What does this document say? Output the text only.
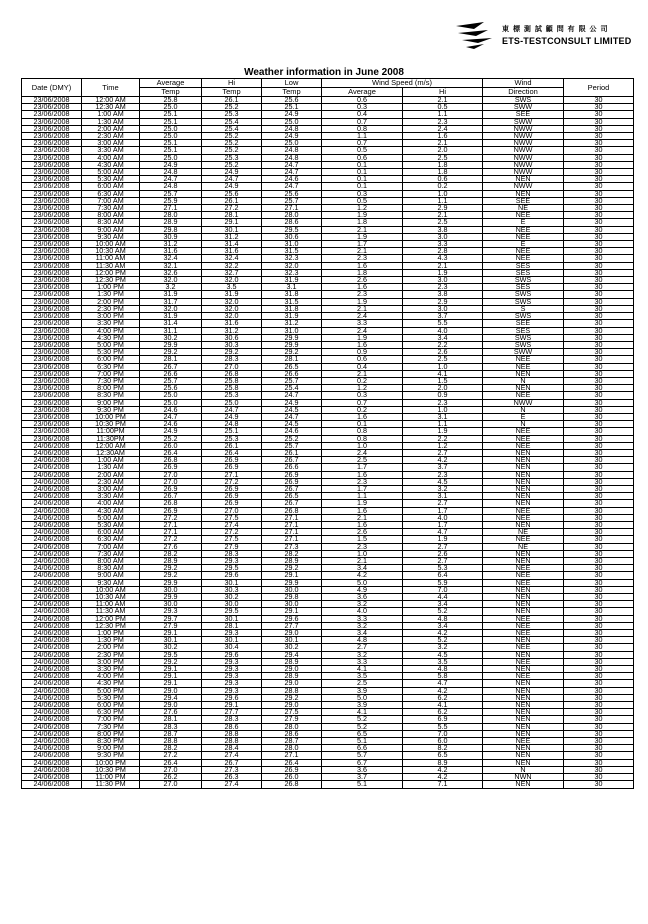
東 標 測 試 顧 問 有 限 公 司
ETS-TESTCONSULT LIMITED
Weather information in June 2008
Date (DMY)	Time	Average	Hi	Low	Wind Speed (m/s)		Wind	Period
		Temp	Temp	Temp	Average	Hi	Direction	
23/06/2008	12:00 AM	25.8	26.1	25.6	0.6	2.1	SWS	30
23/06/2008	12:30 AM	25.0	25.2	25.1	0.3	0.5	SWW	30
23/06/2008	1:00 AM	25.1	25.3	24.9	0.4	1.1	SEE	30
23/06/2008	1:30 AM	25.1	25.4	25.0	0.7	2.3	SWW	30
23/06/2008	2:00 AM	25.0	25.4	24.8	0.8	2.4	NWW	30
23/06/2008	2:30 AM	25.0	25.2	24.9	1.1	1.6	NWW	30
23/06/2008	3:00 AM	25.1	25.2	25.0	0.7	2.1	NWW	30
23/06/2008	3:30 AM	25.1	25.2	24.8	0.5	2.0	NWW	30
23/06/2008	4:00 AM	25.0	25.3	24.8	0.6	2.5	NWW	30
23/06/2008	4:30 AM	24.9	25.2	24.7	0.1	1.8	NWW	30
23/06/2008	5:00 AM	24.8	24.9	24.7	0.1	1.8	NWW	30
23/06/2008	5:30 AM	24.7	24.7	24.6	0.1	0.6	NEN	30
23/06/2008	6:00 AM	24.8	24.9	24.7	0.1	0.2	NWW	30
23/06/2008	6:30 AM	25.7	25.6	25.6	0.3	1.0	NEN	30
23/06/2008	7:00 AM	25.9	26.1	25.7	0.5	1.1	SEE	30
23/06/2008	7:30 AM	27.1	27.2	27.1	1.2	2.9	NE	30
23/06/2008	8:00 AM	28.0	28.1	28.0	1.9	2.1	NEE	30
23/06/2008	8:30 AM	28.9	29.1	28.6	1.8	2.5	E	30
23/06/2008	9:00 AM	29.8	30.1	29.5	2.1	3.8	NEE	30
23/06/2008	9:30 AM	30.9	31.2	30.6	1.9	3.0	NEE	30
23/06/2008	10:00 AM	31.2	31.4	31.0	1.7	3.3	E	30
23/06/2008	10:30 AM	31.6	31.6	31.5	2.1	2.8	NEE	30
23/06/2008	11:00 AM	32.4	32.4	32.3	2.3	4.3	NEE	30
23/06/2008	11:30 AM	32.1	32.2	32.0	1.6	2.1	SES	30
23/06/2008	12:00 PM	32.6	32.7	32.3	1.8	1.9	SES	30
23/06/2008	12:30 PM	32.0	32.0	31.9	2.6	3.0	SWS	30
23/06/2008	1:00 PM	3.2	3.5	3.1	1.6	2.3	SES	30
23/06/2008	1:30 PM	31.9	31.9	31.8	2.3	3.8	SWS	30
23/06/2008	2:00 PM	31.7	32.0	31.5	1.9	2.9	SWS	30
23/06/2008	2:30 PM	32.0	32.0	31.8	2.1	3.0	S	30
23/06/2008	3:00 PM	31.9	32.0	31.9	2.4	3.7	SWS	30
23/06/2008	3:30 PM	31.4	31.6	31.2	3.3	5.5	SEE	30
23/06/2008	4:00 PM	31.1	31.2	31.0	2.4	4.0	SES	30
23/06/2008	4:30 PM	30.2	30.6	29.9	1.9	3.4	SWS	30
23/06/2008	5:00 PM	29.9	30.3	29.9	1.6	2.2	SWS	30
23/06/2008	5:30 PM	29.2	29.2	29.2	0.9	2.6	SWW	30
23/06/2008	6:00 PM	28.1	28.3	28.1	0.6	2.5	NEE	30
23/06/2008	6:30 PM	26.7	27.0	26.5	0.4	1.0	NEE	30
23/06/2008	7:00 PM	26.6	26.8	26.6	2.1	4.1	NEN	30
23/06/2008	7:30 PM	25.7	25.8	25.7	0.2	1.5	N	30
23/06/2008	8:00 PM	25.6	25.8	25.4	1.2	2.0	NEN	30
23/06/2008	8:30 PM	25.0	25.3	24.7	0.3	0.9	NEE	30
23/06/2008	9:00 PM	25.0	25.0	24.9	0.7	2.3	NWW	30
23/06/2008	9:30 PM	24.6	24.7	24.5	0.2	1.0	N	30
23/06/2008	10:00 PM	24.7	24.9	24.7	1.6	3.1	E	30
23/06/2008	10:30 PM	24.6	24.8	24.5	0.1	1.1	N	30
23/06/2008	11:00PM	24.9	25.1	24.6	0.8	1.9	NEE	30
23/06/2008	11:30PM	25.2	25.3	25.2	0.8	2.2	NEE	30
24/06/2008	12:00 AM	26.0	26.1	25.7	1.0	1.2	NEE	30
24/06/2008	12:30AM	26.4	26.4	26.1	2.4	2.7	NEN	30
24/06/2008	1:00 AM	26.8	26.9	26.7	2.5	4.2	NEN	30
24/06/2008	1:30 AM	26.9	26.9	26.6	1.7	3.7	NEN	30
24/06/2008	2:00 AM	27.0	27.1	26.9	1.6	2.3	NEN	30
24/06/2008	2:30 AM	27.0	27.2	26.9	2.3	4.5	NEN	30
24/06/2008	3:00 AM	26.9	26.9	26.7	1.7	3.2	NEN	30
24/06/2008	3:30 AM	26.7	26.9	26.5	1.1	3.1	NEN	30
24/06/2008	4:00 AM	26.8	26.9	26.7	1.9	2.7	NEN	30
24/06/2008	4:30 AM	26.9	27.0	26.8	1.6	1.7	NEE	30
24/06/2008	5:00 AM	27.2	27.5	27.1	2.1	4.0	NEE	30
24/06/2008	5:30 AM	27.1	27.4	27.1	1.6	1.7	NEN	30
24/06/2008	6:00 AM	27.1	27.2	27.1	2.6	4.7	NE	30
24/06/2008	6:30 AM	27.2	27.5	27.1	1.5	1.9	NEE	30
24/06/2008	7:00 AM	27.6	27.9	27.3	2.3	2.7	NE	30
24/06/2008	7:30 AM	28.2	28.3	28.2	1.0	2.6	NEN	30
24/06/2008	8:00 AM	28.9	29.3	28.9	2.1	2.7	NEN	30
24/06/2008	8:30 AM	29.2	29.5	29.2	3.4	5.3	NEE	30
24/06/2008	9:00 AM	29.2	29.6	29.1	4.2	6.4	NEE	30
24/06/2008	9:30 AM	29.9	30.1	29.9	5.0	5.9	NEE	30
24/06/2008	10:00 AM	30.0	30.3	30.0	4.9	7.0	NEN	30
24/06/2008	10:30 AM	29.9	30.2	29.8	3.6	4.4	NEN	30
24/06/2008	11:00 AM	30.0	30.0	30.0	3.2	3.4	NEN	30
24/06/2008	11:30 AM	29.3	29.5	29.1	4.0	5.2	NEN	30
24/06/2008	12:00 PM	29.7	30.1	29.6	3.3	4.8	NEE	30
24/06/2008	12:30 PM	27.9	28.1	27.7	3.2	3.4	NEE	30
24/06/2008	1:00 PM	29.1	29.3	29.0	3.4	4.2	NEE	30
24/06/2008	1:30 PM	30.1	30.1	30.1	4.8	5.2	NEN	30
24/06/2008	2:00 PM	30.2	30.4	30.2	2.7	3.2	NEE	30
24/06/2008	2:30 PM	29.5	29.6	29.4	3.2	4.5	NEN	30
24/06/2008	3:00 PM	29.2	29.3	28.9	3.3	3.5	NEE	30
24/06/2008	3:30 PM	29.1	29.3	29.0	4.1	4.8	NEN	30
24/06/2008	4:00 PM	29.1	29.3	28.9	3.5	5.8	NEE	30
24/06/2008	4:30 PM	29.1	29.3	29.0	2.5	4.7	NEN	30
24/06/2008	5:00 PM	29.0	29.3	28.8	3.9	4.2	NEN	30
24/06/2008	5:30 PM	29.4	29.6	29.2	5.0	6.2	NEN	30
24/06/2008	6:00 PM	29.0	29.1	29.0	3.9	4.1	NEN	30
24/06/2008	6:30 PM	27.6	27.7	27.5	4.1	6.2	NEN	30
24/06/2008	7:00 PM	28.1	28.3	27.9	5.2	6.9	NEN	30
24/06/2008	7:30 PM	28.3	28.6	28.0	5.2	5.5	NEN	30
24/06/2008	8:00 PM	28.7	28.8	28.6	6.5	7.0	NEN	30
24/06/2008	8:30 PM	28.8	28.8	28.7	5.1	6.0	NEE	30
24/06/2008	9:00 PM	28.2	28.4	28.0	6.6	8.2	NEN	30
24/06/2008	9:30 PM	27.2	27.4	27.1	5.7	6.5	NEN	30
24/06/2008	10:00 PM	26.4	26.7	26.4	6.7	8.9	NEN	30
24/06/2008	10:30 PM	27.0	27.3	26.9	3.6	4.2	N	30
24/06/2008	11:00 PM	26.2	26.3	26.0	3.7	4.2	NWN	30
24/06/2008	11:30 PM	27.0	27.4	26.8	5.1	7.1	NEN	30
